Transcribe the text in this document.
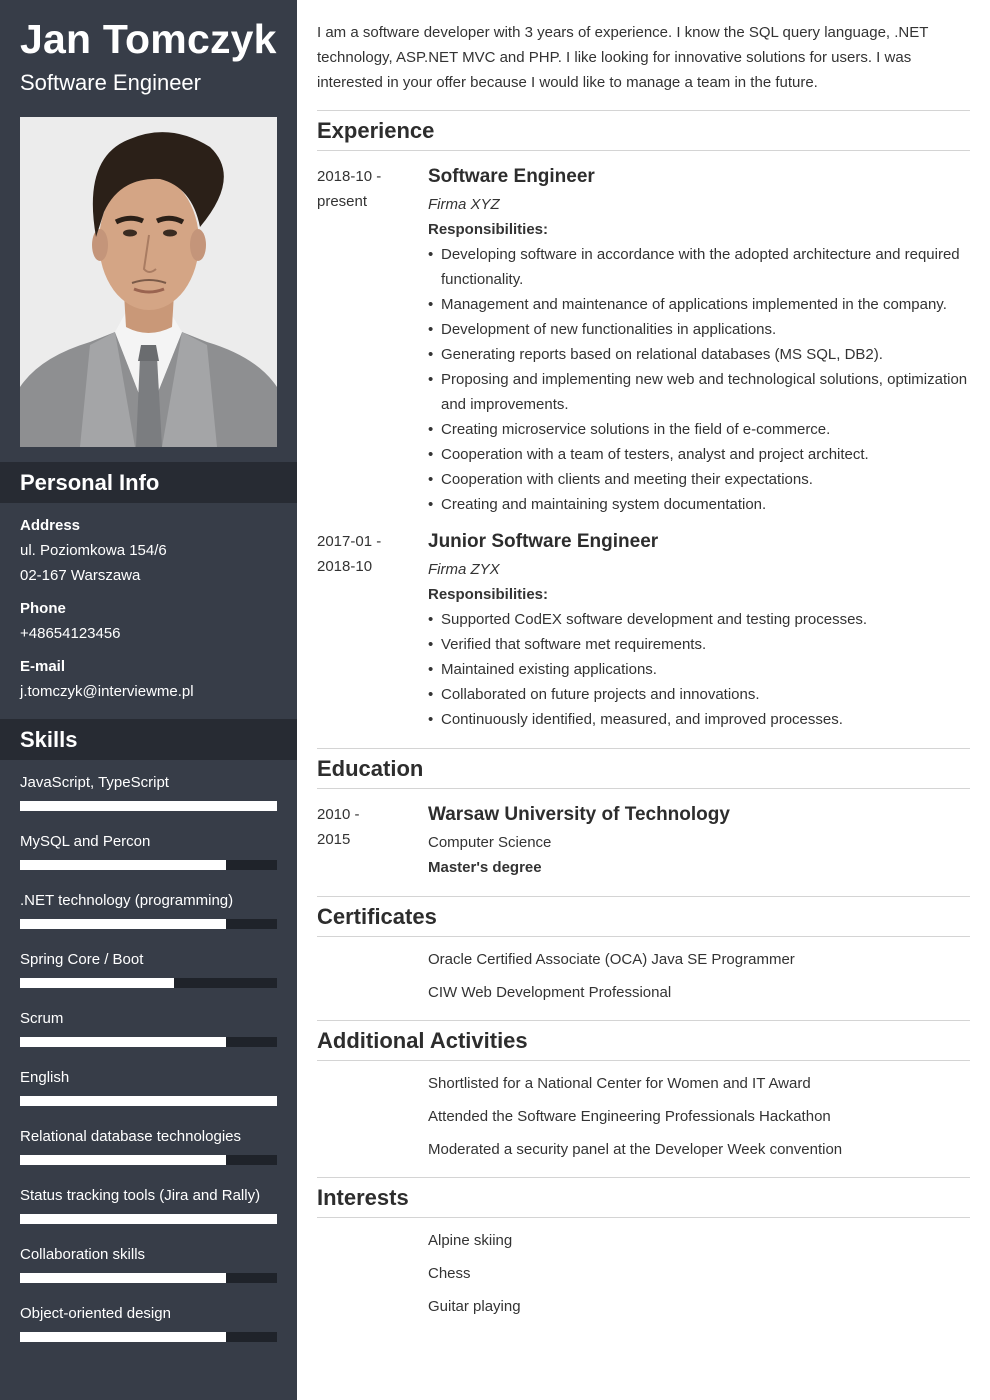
Jan Tomczyk
Software Engineer
Personal Info
Address
ul. Poziomkowa 154/6
02-167 Warszawa
Phone
+48654123456
E-mail
j.tomczyk@interviewme.pl
Skills
JavaScript, TypeScript
MySQL and Percon
.NET technology (programming)
Spring Core / Boot
Scrum
English
Relational database technologies
Status tracking tools (Jira and Rally)
Collaboration skills
Object-oriented design

I am a software developer with 3 years of experience. I know the SQL query language, .NET technology, ASP.NET MVC and PHP. I like looking for innovative solutions for users. I was interested in your offer because I would like to manage a team in the future.

Experience
2018-10 -
present
Software Engineer
Firma XYZ
Responsibilities:
• Developing software in accordance with the adopted architecture and required functionality.
• Management and maintenance of applications implemented in the company.
• Development of new functionalities in applications.
• Generating reports based on relational databases (MS SQL, DB2).
• Proposing and implementing new web and technological solutions, optimization and improvements.
• Creating microservice solutions in the field of e-commerce.
• Cooperation with a team of testers, analyst and project architect.
• Cooperation with clients and meeting their expectations.
• Creating and maintaining system documentation.
2017-01 -
2018-10
Junior Software Engineer
Firma ZYX
Responsibilities:
• Supported CodEX software development and testing processes.
• Verified that software met requirements.
• Maintained existing applications.
• Collaborated on future projects and innovations.
• Continuously identified, measured, and improved processes.
Education
2010 -
2015
Warsaw University of Technology
Computer Science
Master's degree
Certificates
Oracle Certified Associate (OCA) Java SE Programmer
CIW Web Development Professional
Additional Activities
Shortlisted for a National Center for Women and IT Award
Attended the Software Engineering Professionals Hackathon
Moderated a security panel at the Developer Week convention
Interests
Alpine skiing
Chess
Guitar playing
